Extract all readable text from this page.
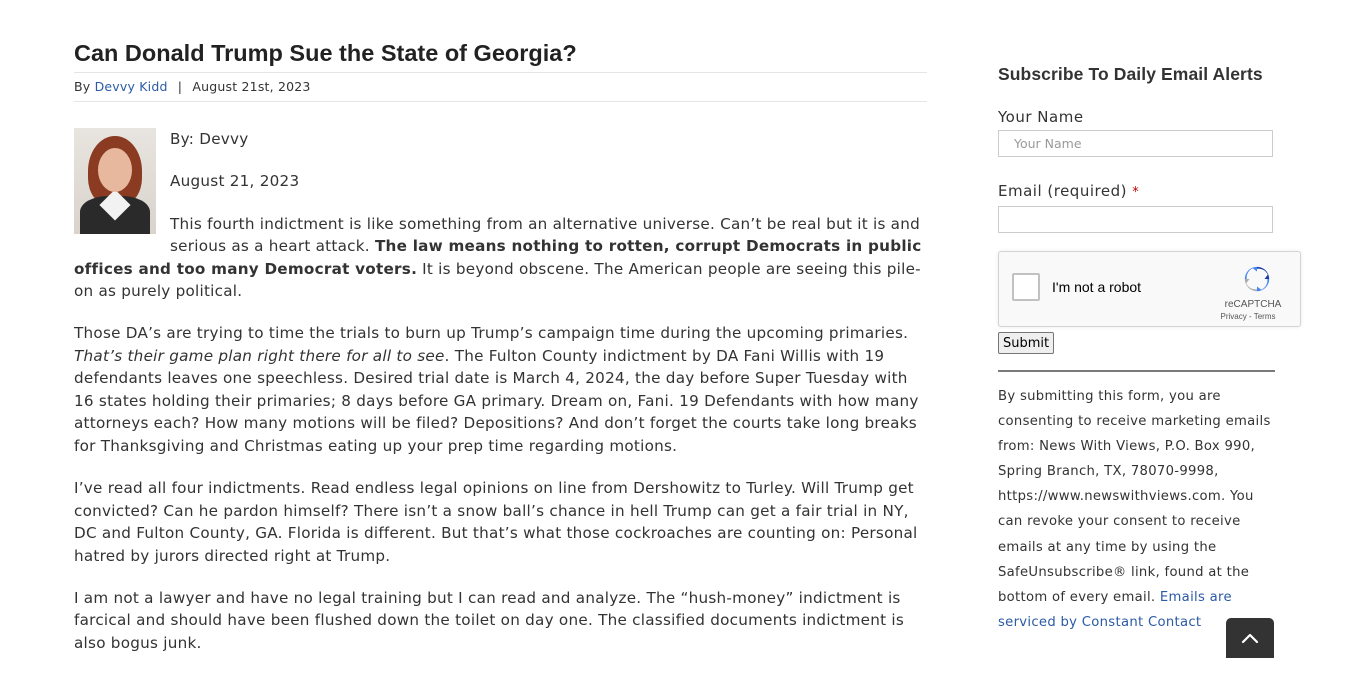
Can Donald Trump Sue the State of Georgia?
By Devvy Kidd | August 21st, 2023

By: Devvy

August 21, 2023

This fourth indictment is like something from an alternative universe. Can’t be real but it is and serious as a heart attack. The law means nothing to rotten, corrupt Democrats in public offices and too many Democrat voters. It is beyond obscene. The American people are seeing this pile-on as purely political.

Those DA’s are trying to time the trials to burn up Trump’s campaign time during the upcoming primaries. That’s their game plan right there for all to see. The Fulton County indictment by DA Fani Willis with 19 defendants leaves one speechless. Desired trial date is March 4, 2024, the day before Super Tuesday with 16 states holding their primaries; 8 days before GA primary. Dream on, Fani. 19 Defendants with how many attorneys each? How many motions will be filed? Depositions? And don’t forget the courts take long breaks for Thanksgiving and Christmas eating up your prep time regarding motions.

I’ve read all four indictments. Read endless legal opinions on line from Dershowitz to Turley. Will Trump get convicted? Can he pardon himself? There isn’t a snow ball’s chance in hell Trump can get a fair trial in NY, DC and Fulton County, GA. Florida is different. But that’s what those cockroaches are counting on: Personal hatred by jurors directed right at Trump.

I am not a lawyer and have no legal training but I can read and analyze. The “hush-money” indictment is farcical and should have been flushed down the toilet on day one. The classified documents indictment is also bogus junk.

Subscribe To Daily Email Alerts
Your Name
Your Name
Email (required) *
I'm not a robot
reCAPTCHA
Privacy - Terms
Submit

By submitting this form, you are consenting to receive marketing emails from: News With Views, P.O. Box 990, Spring Branch, TX, 78070-9998, https://www.newswithviews.com. You can revoke your consent to receive emails at any time by using the SafeUnsubscribe® link, found at the bottom of every email. Emails are serviced by Constant Contact
